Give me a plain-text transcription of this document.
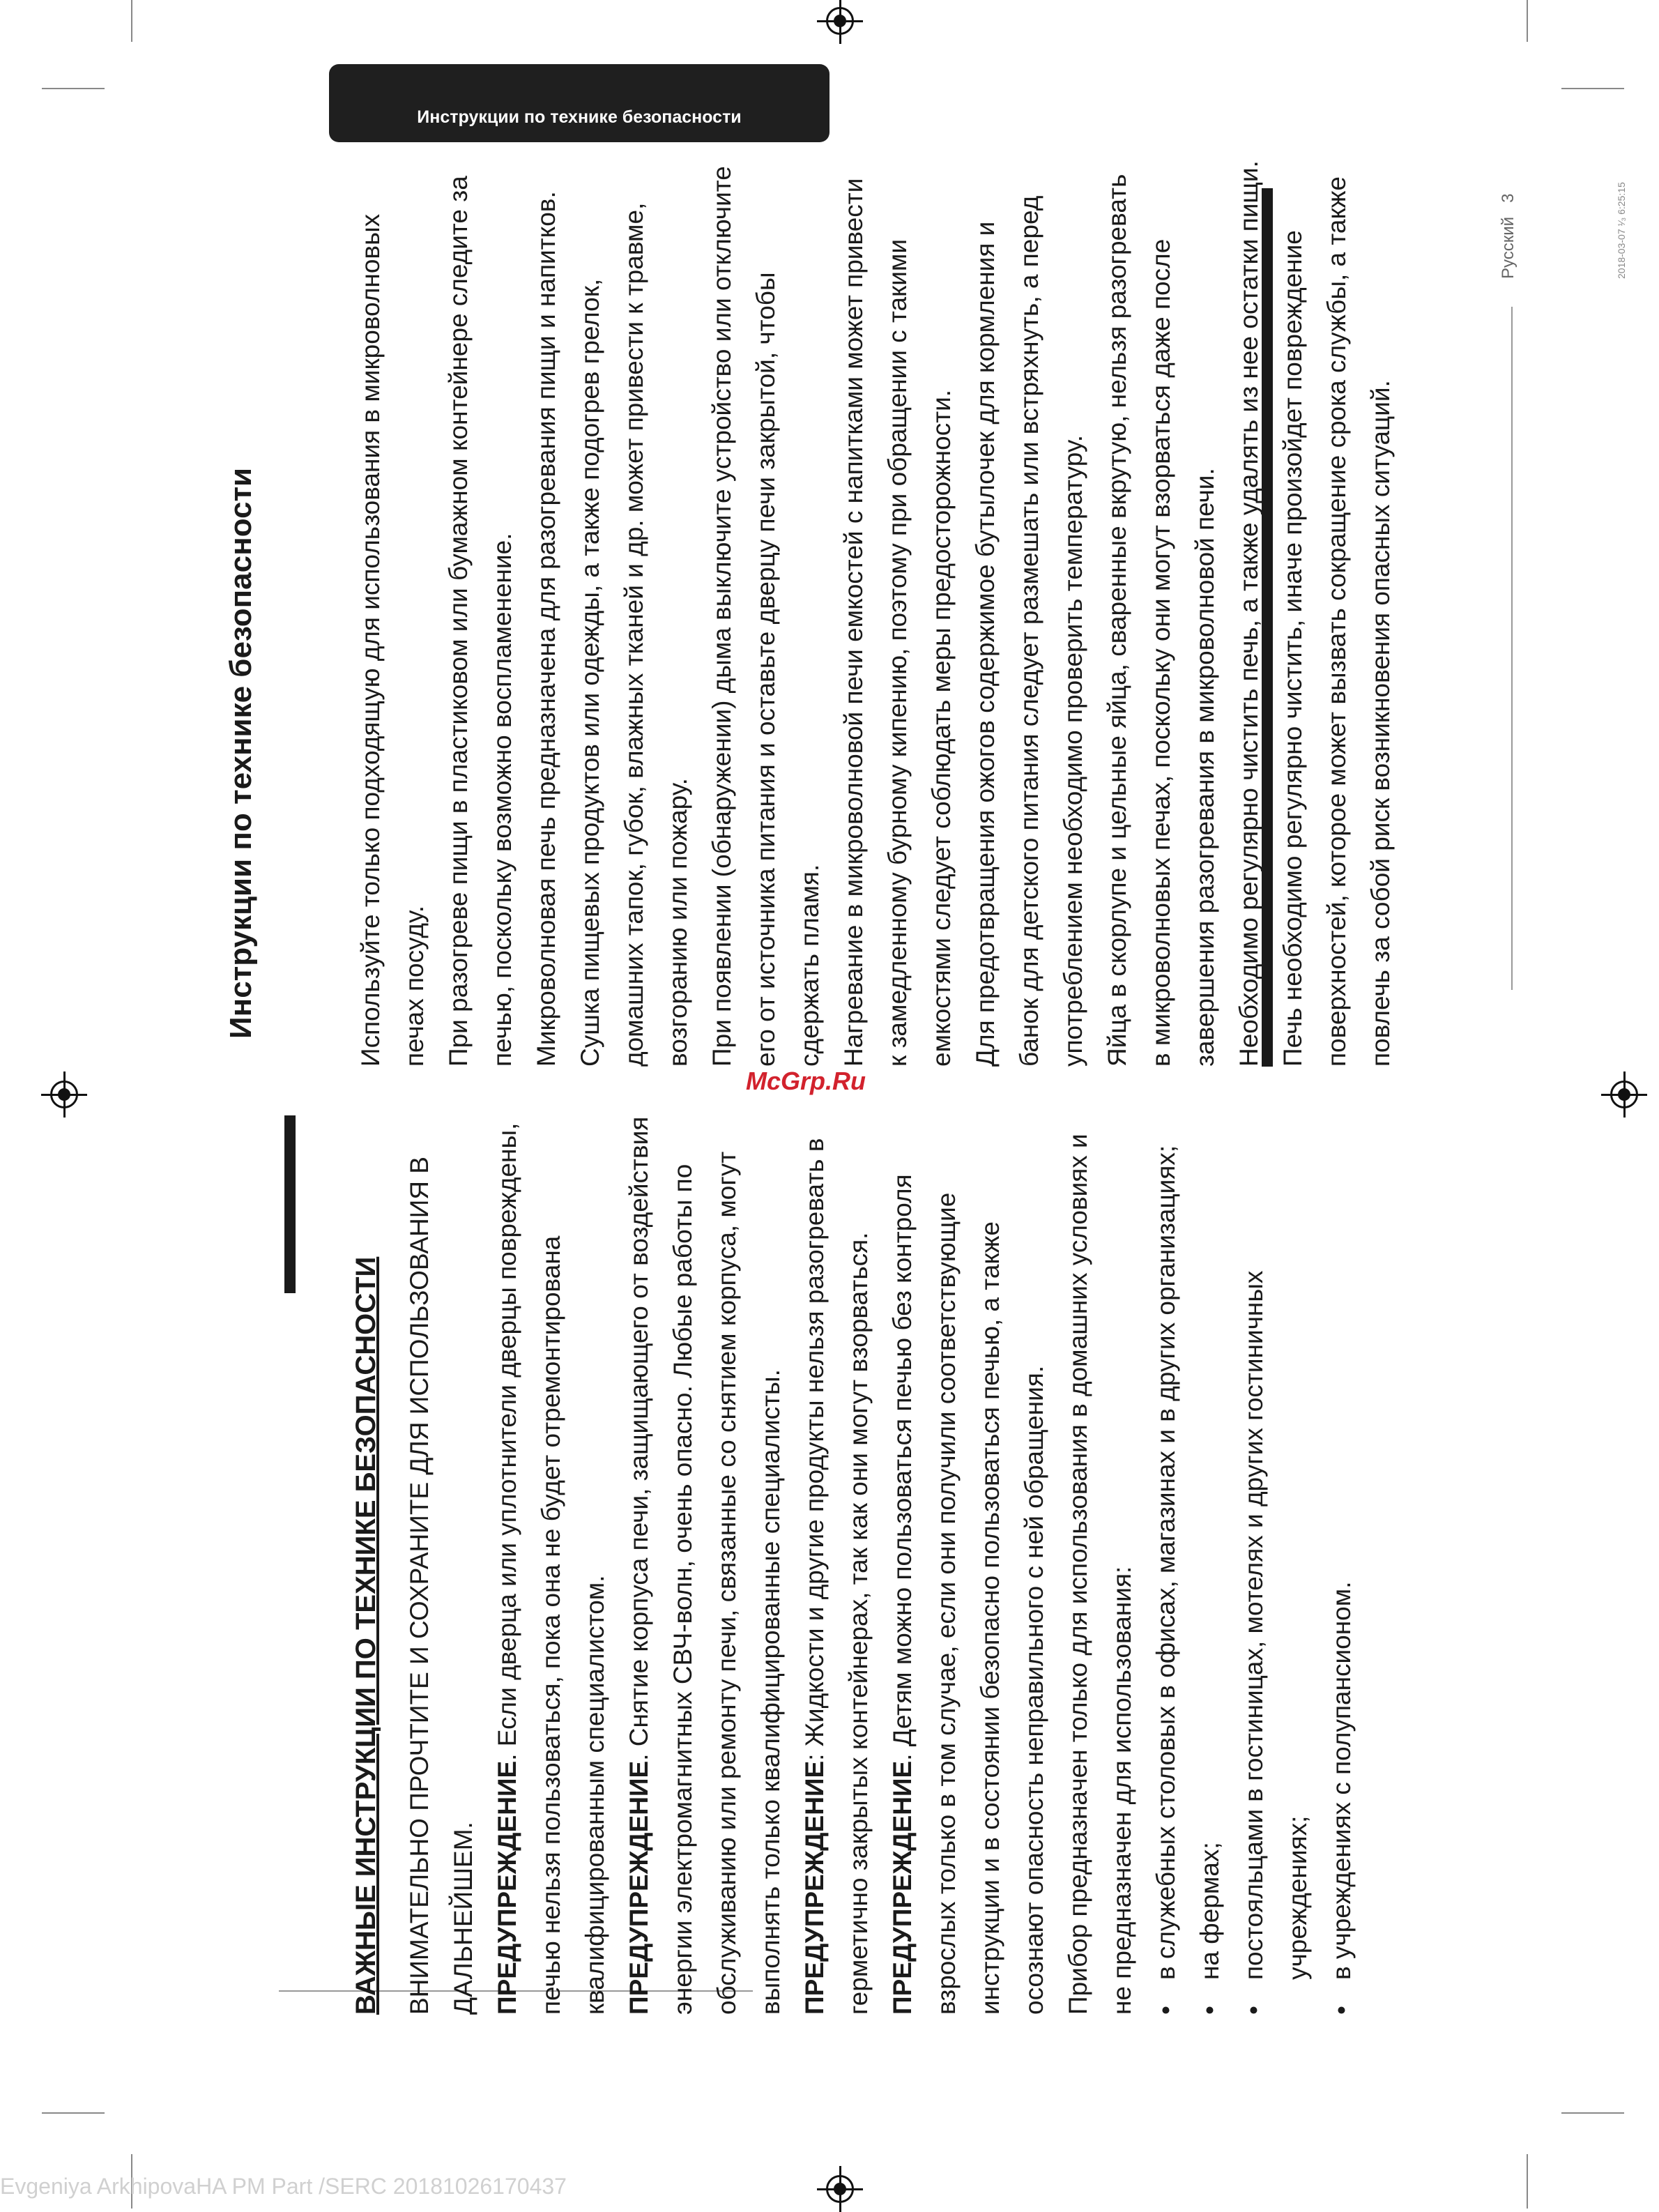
Инструкции по технике безопасности
Инструкции по технике безопасности
ВАЖНЫЕ ИНСТРУКЦИИ ПО ТЕХНИКЕ БЕЗОПАСНОСТИ ВНИМАТЕЛЬНО ПРОЧТИТЕ И СОХРАНИТЕ ДЛЯ ИСПОЛЬЗОВАНИЯ В ДАЛЬНЕЙШЕМ. ПРЕДУПРЕЖДЕНИЕ. Если дверца или уплотнители дверцы повреждены, печью нельзя пользоваться, пока она не будет отремонтирована квалифицированным специалистом. ПРЕДУПРЕЖДЕНИЕ. Снятие корпуса печи, защищающего от воздействия энергии электромагнитных СВЧ-волн, очень опасно. Любые работы по обслуживанию или ремонту печи, связанные со снятием корпуса, могут выполнять только квалифицированные специалисты. ПРЕДУПРЕЖДЕНИЕ: Жидкости и другие продукты нельзя разогревать в герметично закрытых контейнерах, так как они могут взорваться. ПРЕДУПРЕЖДЕНИЕ. Детям можно пользоваться печью без контроля взрослых только в том случае, если они получили соответствующие инструкции и в состоянии безопасно пользоваться печью, а также осознают опасность неправильного с ней обращения. Прибор предназначен только для использования в домашних условиях и не предназначен для использования: •
в служебных столовых в офисах, магазинах и в других организациях;
•
на фермах;
•
постояльцами в гостиницах, мотелях и других гостиничных учреждениях;
•
в учреждениях с полупансионом.
Используйте только подходящую для использования в микроволновых печах посуду. При разогреве пищи в пластиковом или бумажном контейнере следите за печью, поскольку возможно воспламенение. Микроволновая печь предназначена для разогревания пищи и напитков. Сушка пищевых продуктов или одежды, а также подогрев грелок, домашних тапок, губок, влажных тканей и др. может привести к травме, возгоранию или пожару. При появлении (обнаружении) дыма выключите устройство или отключите его от источника питания и оставьте дверцу печи закрытой, чтобы сдержать пламя. Нагревание в микроволновой печи емкостей с напитками может привести к замедленному бурному кипению, поэтому при обращении с такими емкостями следует соблюдать меры предосторожности. Для предотвращения ожогов содержимое бутылочек для кормления и банок для детского питания следует размешать или встряхнуть, а перед употреблением необходимо проверить температуру. Яйца в скорлупе и цельные яйца, сваренные вкрутую, нельзя разогревать в микроволновых печах, поскольку они могут взорваться даже после завершения разогревания в микроволновой печи. Необходимо регулярно чистить печь, а также удалять из нее остатки пищи. Печь необходимо регулярно чистить, иначе произойдет повреждение поверхностей, которое может вызвать сокращение срока службы, а также повлечь за собой риск возникновения опасных ситуаций.
McGrp.Ru
Русский   3	2018-03-07 ¹⁄₃ 6:25:15
Evgeniya ArkhipovaHA PM Part /SERC 20181026170437
